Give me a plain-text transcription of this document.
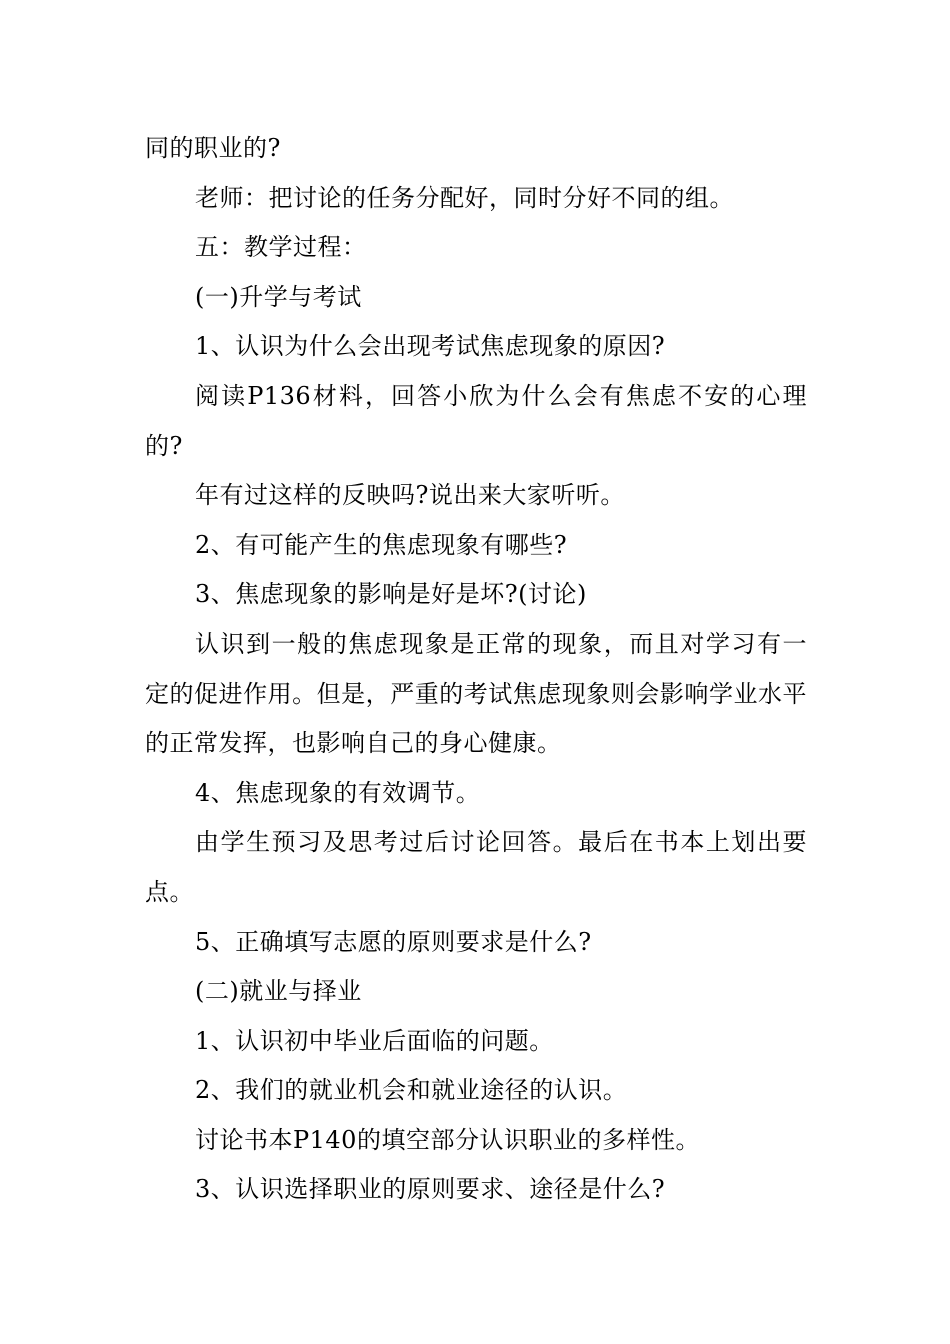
同的职业的?

老师：把讨论的任务分配好，同时分好不同的组。

五：教学过程：

(一)升学与考试

1、认识为什么会出现考试焦虑现象的原因?

阅读P136材料，回答小欣为什么会有焦虑不安的心理的?

年有过这样的反映吗?说出来大家听听。

2、有可能产生的焦虑现象有哪些?

3、焦虑现象的影响是好是坏?(讨论)

认识到一般的焦虑现象是正常的现象，而且对学习有一定的促进作用。但是，严重的考试焦虑现象则会影响学业水平的正常发挥，也影响自己的身心健康。

4、焦虑现象的有效调节。

由学生预习及思考过后讨论回答。最后在书本上划出要点。

5、正确填写志愿的原则要求是什么?

(二)就业与择业

1、认识初中毕业后面临的问题。

2、我们的就业机会和就业途径的认识。

讨论书本P140的填空部分认识职业的多样性。

3、认识选择职业的原则要求、途径是什么?
